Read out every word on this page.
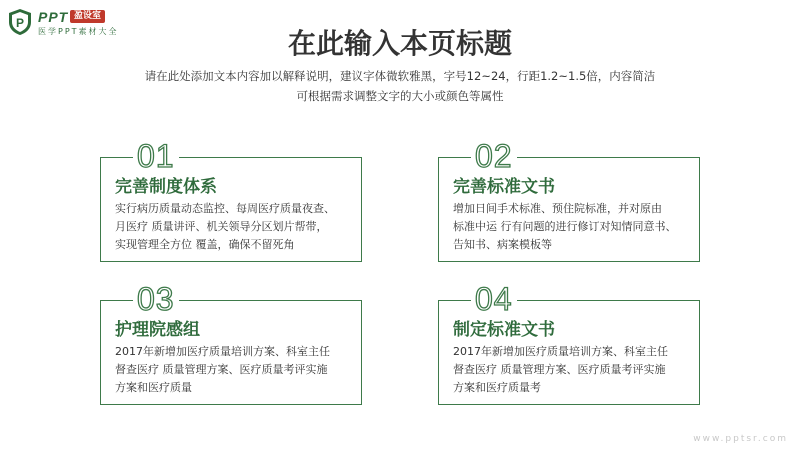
P PPT 盈设室
医学PPT素材大全	在此输入本页标题
请在此处添加文本内容加以解释说明，建议字体微软雅黑，字号12~24，行距1.2~1.5倍，内容简洁
可根据需求调整文字的大小或颜色等属性
01
完善制度体系
实行病历质量动态监控、每周医疗质量夜查、
月医疗 质量讲评、机关领导分区划片帮带，
实现管理全方位 覆盖，确保不留死角
02
完善标准文书
增加日间手术标准、预住院标准，并对原由
标准中运 行有问题的进行修订对知情同意书、
告知书、病案模板等
03
护理院感组
2017年新增加医疗质量培训方案、科室主任
督查医疗 质量管理方案、医疗质量考评实施
方案和医疗质量
04
制定标准文书
2017年新增加医疗质量培训方案、科室主任
督查医疗 质量管理方案、医疗质量考评实施
方案和医疗质量考
www.pptsr.com
